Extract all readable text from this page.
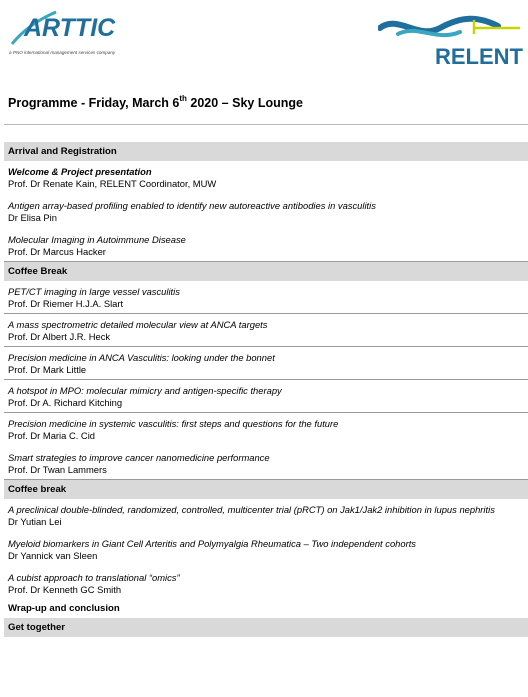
ARTTIC
a PNO international management services company	RELENT
Programme - Friday, March 6th 2020 – Sky Lounge
Arrival and Registration
Welcome & Project presentation
Prof. Dr Renate Kain, RELENT Coordinator, MUW
Antigen array-based profiling enabled to identify new autoreactive antibodies in vasculitis
Dr Elisa Pin
Molecular Imaging in Autoimmune Disease
Prof. Dr Marcus Hacker
Coffee Break
PET/CT imaging in large vessel vasculitis
Prof. Dr Riemer H.J.A. Slart
A mass spectrometric detailed molecular view at ANCA targets
Prof. Dr Albert J.R. Heck
Precision medicine in ANCA Vasculitis: looking under the bonnet
Prof. Dr Mark Little
A hotspot in MPO: molecular mimicry and antigen-specific therapy
Prof. Dr A. Richard Kitching
Precision medicine in systemic vasculitis: first steps and questions for the future
Prof. Dr Maria C. Cid
Smart strategies to improve cancer nanomedicine performance
Prof. Dr Twan Lammers
Coffee break
A preclinical double-blinded, randomized, controlled, multicenter trial (pRCT) on Jak1/Jak2 inhibition in lupus nephritis
Dr Yutian Lei
Myeloid biomarkers in Giant Cell Arteritis and Polymyalgia Rheumatica – Two independent cohorts
Dr Yannick van Sleen
A cubist approach to translational “omics”
Prof. Dr Kenneth GC Smith
Wrap-up and conclusion
Get together
